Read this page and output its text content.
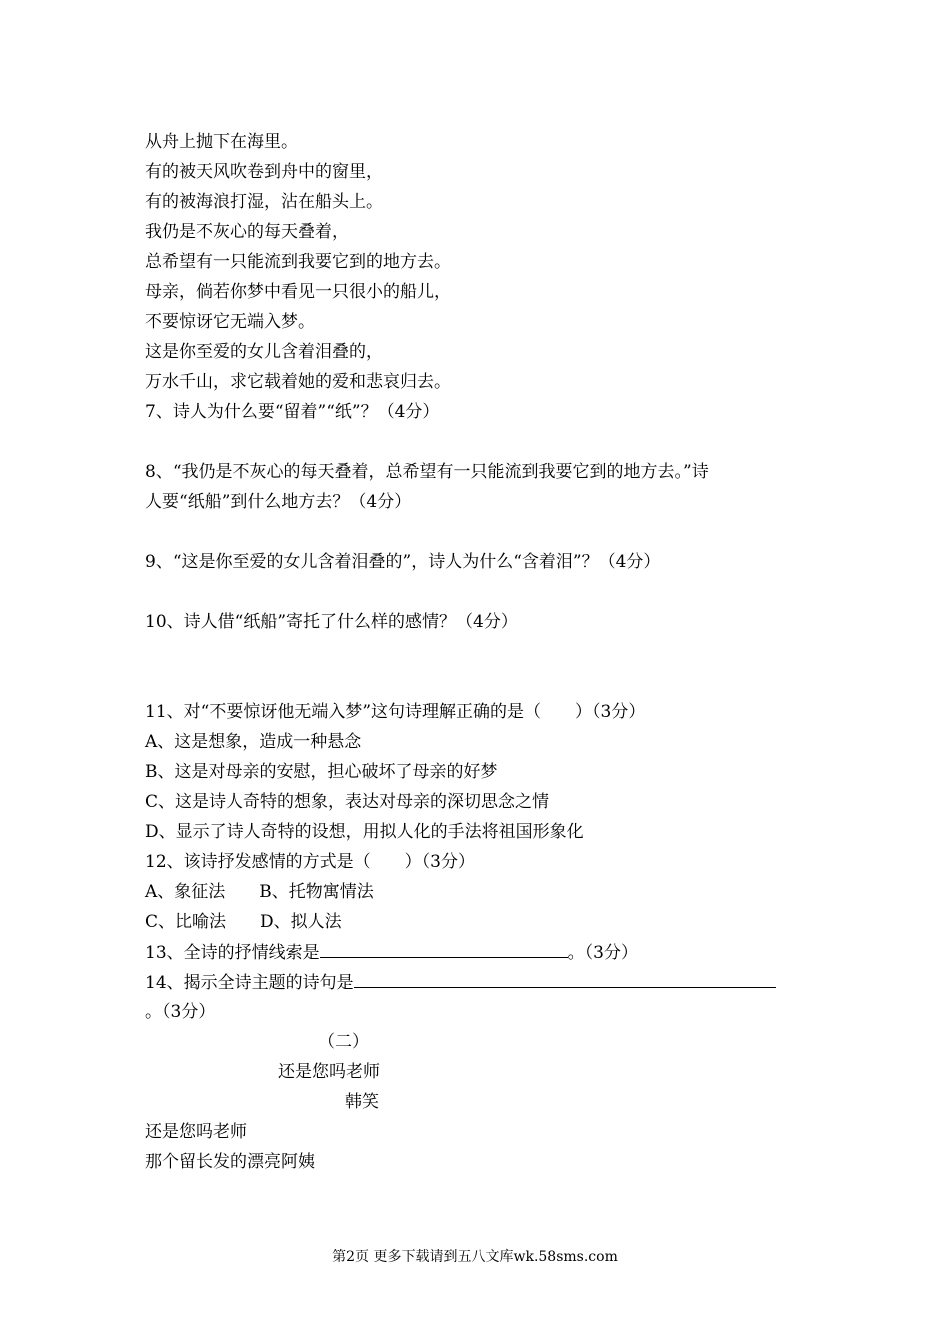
从舟上抛下在海里。
有的被天风吹卷到舟中的窗里，
有的被海浪打湿，沾在船头上。
我仍是不灰心的每天叠着，
总希望有一只能流到我要它到的地方去。
母亲，倘若你梦中看见一只很小的船儿，
不要惊讶它无端入梦。
这是你至爱的女儿含着泪叠的，
万水千山，求它载着她的爱和悲哀归去。
7、诗人为什么要“留着”“纸”？（4分）
8、“我仍是不灰心的每天叠着，总希望有一只能流到我要它到的地方去。”诗
人要“纸船”到什么地方去？（4分）
9、“这是你至爱的女儿含着泪叠的”，诗人为什么“含着泪”？（4分）
10、诗人借“纸船”寄托了什么样的感情？（4分）
11、对“不要惊讶他无端入梦”这句诗理解正确的是（　　）（3分）
A、这是想象，造成一种悬念
B、这是对母亲的安慰，担心破坏了母亲的好梦
C、这是诗人奇特的想象，表达对母亲的深切思念之情
D、显示了诗人奇特的设想，用拟人化的手法将祖国形象化
12、该诗抒发感情的方式是（　　）（3分）
A、象征法　　B、托物寓情法
C、比喻法　　D、拟人法
13、全诗的抒情线索是	。（3分）
14、揭示全诗主题的诗句是
。（3分）
（二）
还是您吗老师
韩笑
还是您吗老师
那个留长发的漂亮阿姨
第2页 更多下载请到五八文库wk.58sms.com
